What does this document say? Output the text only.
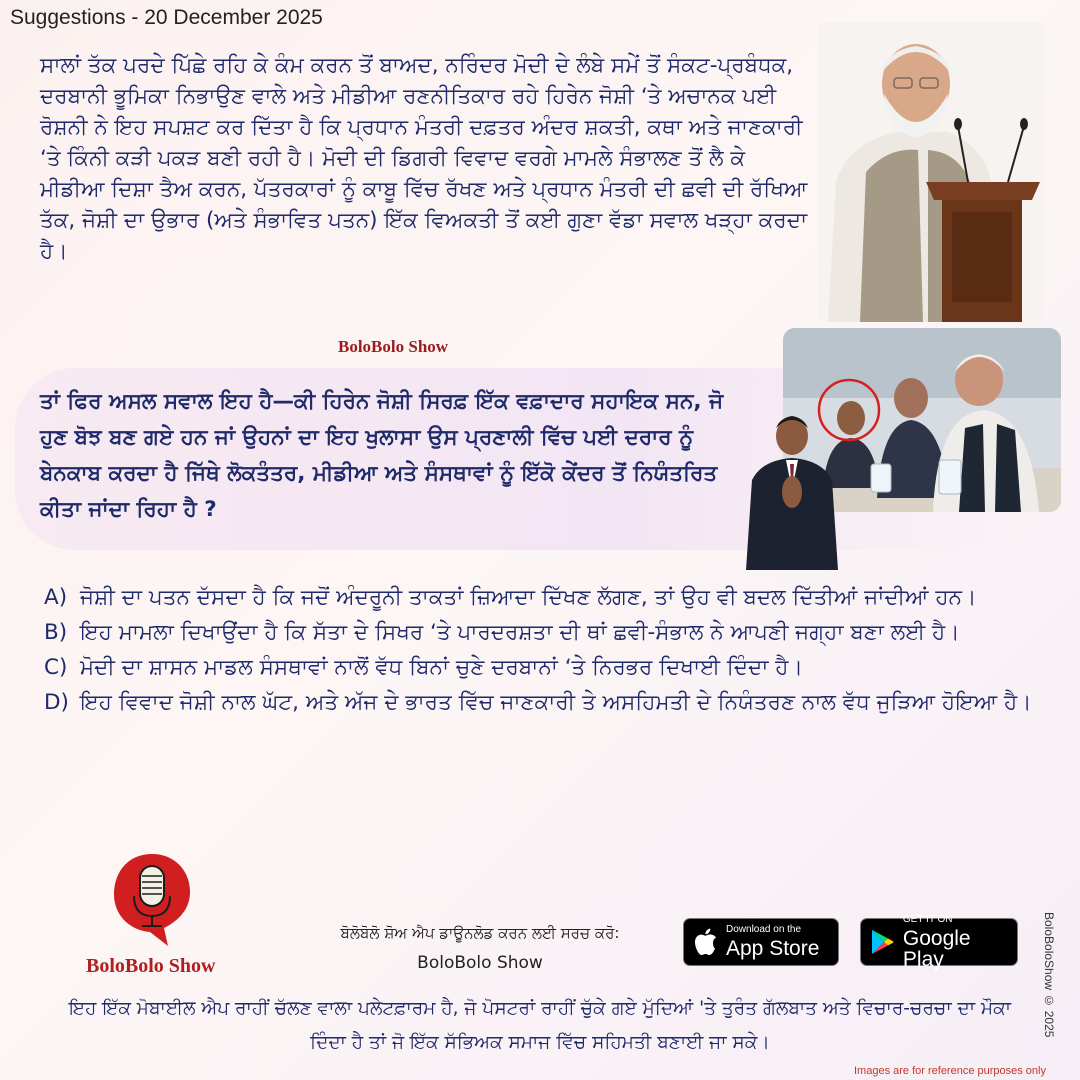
Suggestions - 20 December 2025
ਸਾਲਾਂ ਤੱਕ ਪਰਦੇ ਪਿੱਛੇ ਰਹਿ ਕੇ ਕੰਮ ਕਰਨ ਤੋਂ ਬਾਅਦ, ਨਰਿੰਦਰ ਮੋਦੀ ਦੇ ਲੰਬੇ ਸਮੇਂ ਤੋਂ ਸੰਕਟ-ਪ੍ਰਬੰਧਕ, ਦਰਬਾਨੀ ਭੂਮਿਕਾ ਨਿਭਾਉਣ ਵਾਲੇ ਅਤੇ ਮੀਡੀਆ ਰਣਨੀਤਿਕਾਰ ਰਹੇ ਹਿਰੇਨ ਜੋਸ਼ੀ ‘ਤੇ ਅਚਾਨਕ ਪਈ ਰੋਸ਼ਨੀ ਨੇ ਇਹ ਸਪਸ਼ਟ ਕਰ ਦਿੱਤਾ ਹੈ ਕਿ ਪ੍ਰਧਾਨ ਮੰਤਰੀ ਦਫ਼ਤਰ ਅੰਦਰ ਸ਼ਕਤੀ, ਕਥਾ ਅਤੇ ਜਾਣਕਾਰੀ ‘ਤੇ ਕਿੰਨੀ ਕੜੀ ਪਕੜ ਬਣੀ ਰਹੀ ਹੈ। ਮੋਦੀ ਦੀ ਡਿਗਰੀ ਵਿਵਾਦ ਵਰਗੇ ਮਾਮਲੇ ਸੰਭਾਲਣ ਤੋਂ ਲੈ ਕੇ ਮੀਡੀਆ ਦਿਸ਼ਾ ਤੈਅ ਕਰਨ, ਪੱਤਰਕਾਰਾਂ ਨੂੰ ਕਾਬੂ ਵਿੱਚ ਰੱਖਣ ਅਤੇ ਪ੍ਰਧਾਨ ਮੰਤਰੀ ਦੀ ਛਵੀ ਦੀ ਰੱਖਿਆ ਤੱਕ, ਜੋਸ਼ੀ ਦਾ ਉਭਾਰ (ਅਤੇ ਸੰਭਾਵਿਤ ਪਤਨ) ਇੱਕ ਵਿਅਕਤੀ ਤੋਂ ਕਈ ਗੁਣਾ ਵੱਡਾ ਸਵਾਲ ਖੜ੍ਹਾ ਕਰਦਾ ਹੈ।
BoloBolo Show
ਤਾਂ ਫਿਰ ਅਸਲ ਸਵਾਲ ਇਹ ਹੈ—ਕੀ ਹਿਰੇਨ ਜੋਸ਼ੀ ਸਿਰਫ਼ ਇੱਕ ਵਫ਼ਾਦਾਰ ਸਹਾਇਕ ਸਨ, ਜੋ ਹੁਣ ਬੋਝ ਬਣ ਗਏ ਹਨ ਜਾਂ ਉਹਨਾਂ ਦਾ ਇਹ ਖੁਲਾਸਾ ਉਸ ਪ੍ਰਣਾਲੀ ਵਿੱਚ ਪਈ ਦਰਾਰ ਨੂੰ ਬੇਨਕਾਬ ਕਰਦਾ ਹੈ ਜਿੱਥੇ ਲੋਕਤੰਤਰ, ਮੀਡੀਆ ਅਤੇ ਸੰਸਥਾਵਾਂ ਨੂੰ ਇੱਕੋ ਕੇਂਦਰ ਤੋਂ ਨਿਯੰਤਰਿਤ ਕੀਤਾ ਜਾਂਦਾ ਰਿਹਾ ਹੈ ?
A) ਜੋਸ਼ੀ ਦਾ ਪਤਨ ਦੱਸਦਾ ਹੈ ਕਿ ਜਦੋਂ ਅੰਦਰੂਨੀ ਤਾਕਤਾਂ ਜ਼ਿਆਦਾ ਦਿੱਖਣ ਲੱਗਣ, ਤਾਂ ਉਹ ਵੀ ਬਦਲ ਦਿੱਤੀਆਂ ਜਾਂਦੀਆਂ ਹਨ।
B) ਇਹ ਮਾਮਲਾ ਦਿਖਾਉਂਦਾ ਹੈ ਕਿ ਸੱਤਾ ਦੇ ਸਿਖਰ ‘ਤੇ ਪਾਰਦਰਸ਼ਤਾ ਦੀ ਥਾਂ ਛਵੀ-ਸੰਭਾਲ ਨੇ ਆਪਣੀ ਜਗ੍ਹਾ ਬਣਾ ਲਈ ਹੈ।
C) ਮੋਦੀ ਦਾ ਸ਼ਾਸਨ ਮਾਡਲ ਸੰਸਥਾਵਾਂ ਨਾਲੋਂ ਵੱਧ ਬਿਨਾਂ ਚੁਣੇ ਦਰਬਾਨਾਂ ‘ਤੇ ਨਿਰਭਰ ਦਿਖਾਈ ਦਿੰਦਾ ਹੈ।
D) ਇਹ ਵਿਵਾਦ ਜੋਸ਼ੀ ਨਾਲ ਘੱਟ, ਅਤੇ ਅੱਜ ਦੇ ਭਾਰਤ ਵਿੱਚ ਜਾਣਕਾਰੀ ਤੇ ਅਸਹਿਮਤੀ ਦੇ ਨਿਯੰਤਰਣ ਨਾਲ ਵੱਧ ਜੁੜਿਆ ਹੋਇਆ ਹੈ।
BoloBolo Show
ਬੋਲੋਬੋਲੋ ਸ਼ੋਅ ਐਪ ਡਾਊਨਲੋਡ ਕਰਨ ਲਈ ਸਰਚ ਕਰੋ:
BoloBolo Show
Download on the
App Store
GET IT ON
Google Play
ਇਹ ਇੱਕ ਮੋਬਾਈਲ ਐਪ ਰਾਹੀਂ ਚੱਲਣ ਵਾਲਾ ਪਲੇਟਫ਼ਾਰਮ ਹੈ, ਜੋ ਪੋਸਟਰਾਂ ਰਾਹੀਂ ਚੁੱਕੇ ਗਏ ਮੁੱਦਿਆਂ 'ਤੇ ਤੁਰੰਤ ਗੱਲਬਾਤ ਅਤੇ ਵਿਚਾਰ-ਚਰਚਾ ਦਾ ਮੌਕਾ ਦਿੰਦਾ ਹੈ ਤਾਂ ਜੋ ਇੱਕ ਸੱਭਿਅਕ ਸਮਾਜ ਵਿੱਚ ਸਹਿਮਤੀ ਬਣਾਈ ਜਾ ਸਕੇ।
BoloBoloShow © 2025
Images are for reference purposes only
